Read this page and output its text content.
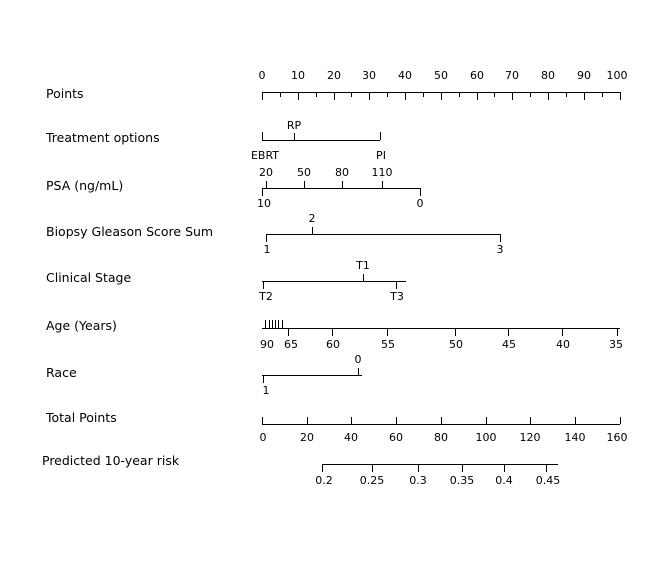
Points
0 10 20 30 40 50 60 70 80 90 100
Treatment options
RP
EBRT	PI
PSA (ng/mL)
20 50 80 110
10	0
Biopsy Gleason Score Sum
2
1	3
Clinical Stage
T1
T2	T3
Age (Years)
90 65	60	55	50	45	40	35
Race
0
1
Total Points
0	20	40	60	80	100 120 140 160
Predicted 10-year risk
0.2 0.25 0.3 0.35 0.4 0.45
